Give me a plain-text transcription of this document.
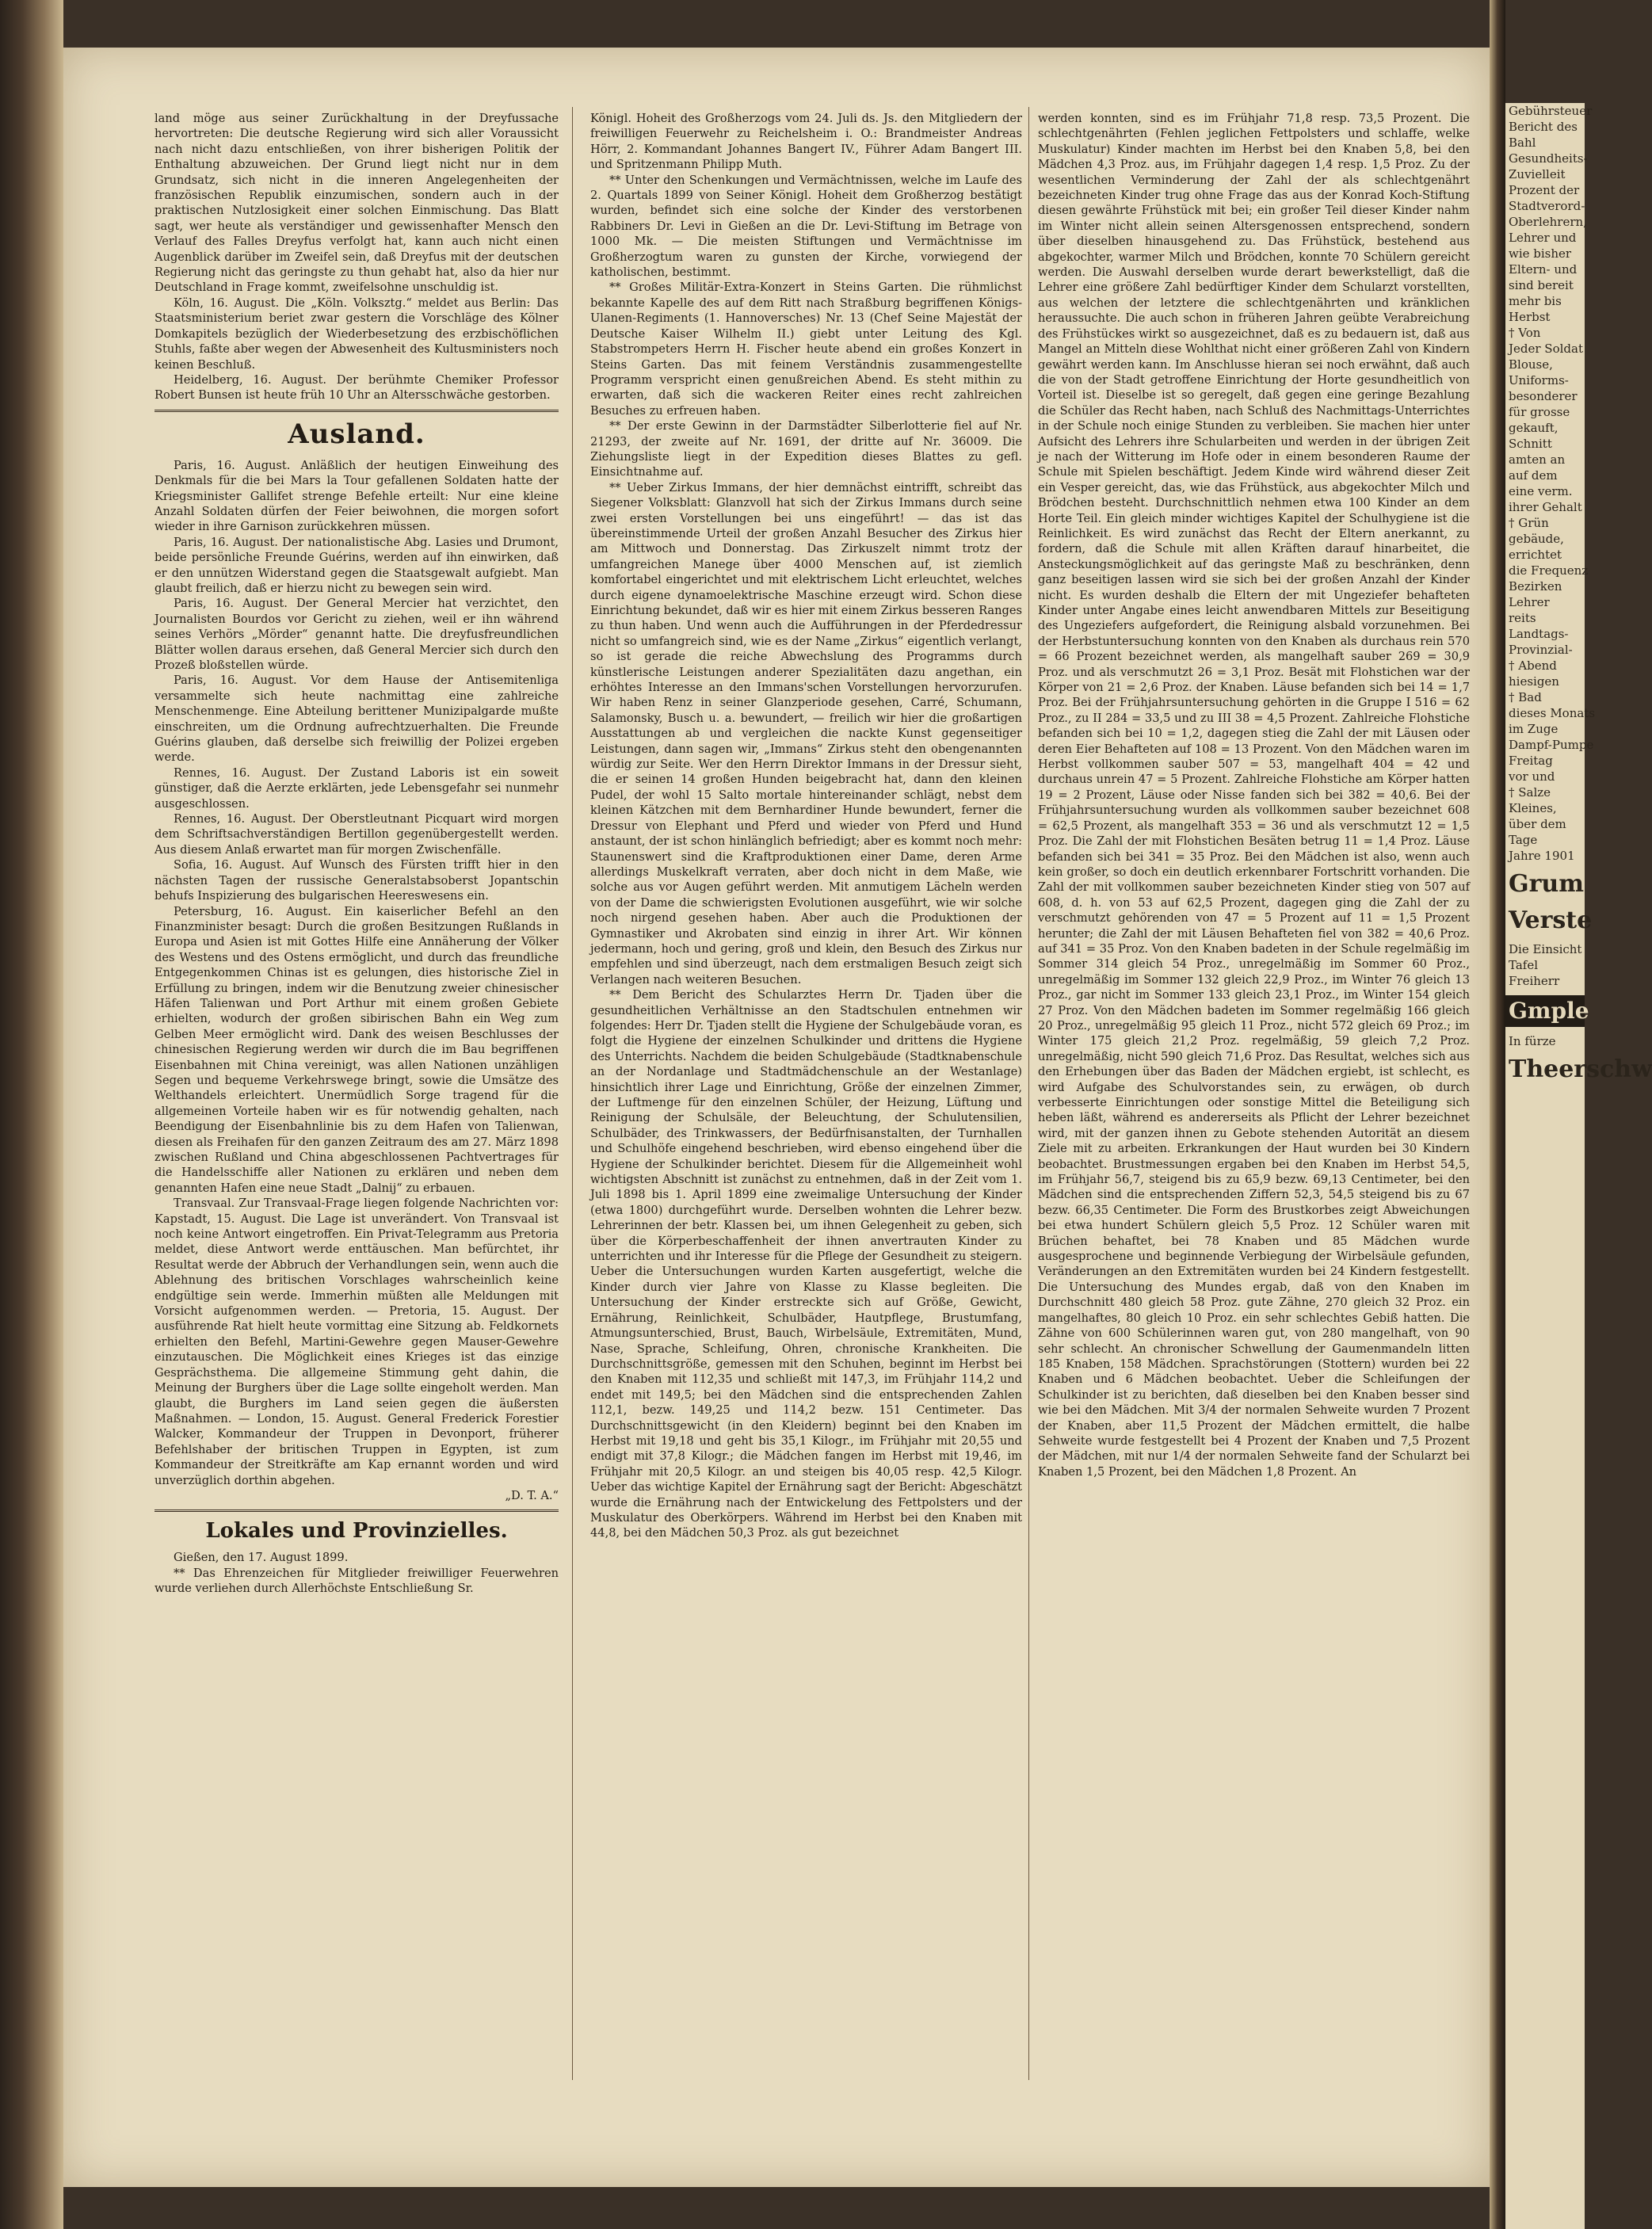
land möge aus seiner Zurückhaltung in der Dreyfussache hervortreten: Die deutsche Regierung wird sich aller Voraussicht nach nicht dazu entschließen, von ihrer bisherigen Politik der Enthaltung abzuweichen. Der Grund liegt nicht nur in dem Grundsatz, sich nicht in die inneren Angelegenheiten der französischen Republik einzumischen, sondern auch in der praktischen Nutzlosigkeit einer solchen Einmischung. Das Blatt sagt, wer heute als verständiger und gewissenhafter Mensch den Verlauf des Falles Dreyfus verfolgt hat, kann auch nicht einen Augenblick darüber im Zweifel sein, daß Dreyfus mit der deutschen Regierung nicht das geringste zu thun gehabt hat, also da hier nur Deutschland in Frage kommt, zweifelsohne unschuldig ist.

Köln, 16. August. Die „Köln. Volksztg.“ meldet aus Berlin: Das Staatsministerium beriet zwar gestern die Vorschläge des Kölner Domkapitels bezüglich der Wiederbesetzung des erzbischöflichen Stuhls, faßte aber wegen der Abwesenheit des Kultusministers noch keinen Beschluß.

Heidelberg, 16. August. Der berühmte Chemiker Professor Robert Bunsen ist heute früh 10 Uhr an Altersschwäche gestorben.

Ausland.

Paris, 16. August. Anläßlich der heutigen Einweihung des Denkmals für die bei Mars la Tour gefallenen Soldaten hatte der Kriegsminister Gallifet strenge Befehle erteilt: Nur eine kleine Anzahl Soldaten dürfen der Feier beiwohnen, die morgen sofort wieder in ihre Garnison zurückkehren müssen.

Paris, 16. August. Der nationalistische Abg. Lasies und Drumont, beide persönliche Freunde Guérins, werden auf ihn einwirken, daß er den unnützen Widerstand gegen die Staatsgewalt aufgiebt. Man glaubt freilich, daß er hierzu nicht zu bewegen sein wird.

Paris, 16. August. Der General Mercier hat verzichtet, den Journalisten Bourdos vor Gericht zu ziehen, weil er ihn während seines Verhörs „Mörder“ genannt hatte. Die dreyfusfreundlichen Blätter wollen daraus ersehen, daß General Mercier sich durch den Prozeß bloßstellen würde.

Paris, 16. August. Vor dem Hause der Antisemitenliga versammelte sich heute nachmittag eine zahlreiche Menschenmenge. Eine Abteilung berittener Munizipalgarde mußte einschreiten, um die Ordnung aufrechtzuerhalten. Die Freunde Guérins glauben, daß derselbe sich freiwillig der Polizei ergeben werde.

Rennes, 16. August. Der Zustand Laboris ist ein soweit günstiger, daß die Aerzte erklärten, jede Lebensgefahr sei nunmehr ausgeschlossen.

Rennes, 16. August. Der Oberstleutnant Picquart wird morgen dem Schriftsachverständigen Bertillon gegenübergestellt werden. Aus diesem Anlaß erwartet man für morgen Zwischenfälle.

Sofia, 16. August. Auf Wunsch des Fürsten trifft hier in den nächsten Tagen der russische Generalstabsoberst Jopantschin behufs Inspizierung des bulgarischen Heereswesens ein.

Petersburg, 16. August. Ein kaiserlicher Befehl an den Finanzminister besagt: Durch die großen Besitzungen Rußlands in Europa und Asien ist mit Gottes Hilfe eine Annäherung der Völker des Westens und des Ostens ermöglicht, und durch das freundliche Entgegenkommen Chinas ist es gelungen, dies historische Ziel in Erfüllung zu bringen, indem wir die Benutzung zweier chinesischer Häfen Talienwan und Port Arthur mit einem großen Gebiete erhielten, wodurch der großen sibirischen Bahn ein Weg zum Gelben Meer ermöglicht wird. Dank des weisen Beschlusses der chinesischen Regierung werden wir durch die im Bau begriffenen Eisenbahnen mit China vereinigt, was allen Nationen unzähligen Segen und bequeme Verkehrswege bringt, sowie die Umsätze des Welthandels erleichtert. Unermüdlich Sorge tragend für die allgemeinen Vorteile haben wir es für notwendig gehalten, nach Beendigung der Eisenbahnlinie bis zu dem Hafen von Talienwan, diesen als Freihafen für den ganzen Zeitraum des am 27. März 1898 zwischen Rußland und China abgeschlossenen Pachtvertrages für die Handelsschiffe aller Nationen zu erklären und neben dem genannten Hafen eine neue Stadt „Dalnij“ zu erbauen.

Transvaal. Zur Transvaal-Frage liegen folgende Nachrichten vor: Kapstadt, 15. August. Die Lage ist unverändert. Von Transvaal ist noch keine Antwort eingetroffen. Ein Privat-Telegramm aus Pretoria meldet, diese Antwort werde enttäuschen. Man befürchtet, ihr Resultat werde der Abbruch der Verhandlungen sein, wenn auch die Ablehnung des britischen Vorschlages wahrscheinlich keine endgültige sein werde. Immerhin müßten alle Meldungen mit Vorsicht aufgenommen werden. — Pretoria, 15. August. Der ausführende Rat hielt heute vormittag eine Sitzung ab. Feldkornets erhielten den Befehl, Martini-Gewehre gegen Mauser-Gewehre einzutauschen. Die Möglichkeit eines Krieges ist das einzige Gesprächsthema. Die allgemeine Stimmung geht dahin, die Meinung der Burghers über die Lage sollte eingeholt werden. Man glaubt, die Burghers im Land seien gegen die äußersten Maßnahmen. — London, 15. August. General Frederick Forestier Walcker, Kommandeur der Truppen in Devonport, früherer Befehlshaber der britischen Truppen in Egypten, ist zum Kommandeur der Streitkräfte am Kap ernannt worden und wird unverzüglich dorthin abgehen.

„D. T. A.“

Lokales und Provinzielles.

Gießen, den 17. August 1899.

** Das Ehrenzeichen für Mitglieder freiwilliger Feuerwehren wurde verliehen durch Allerhöchste Entschließung Sr.

Königl. Hoheit des Großherzogs vom 24. Juli ds. Js. den Mitgliedern der freiwilligen Feuerwehr zu Reichelsheim i. O.: Brandmeister Andreas Hörr, 2. Kommandant Johannes Bangert IV., Führer Adam Bangert III. und Spritzenmann Philipp Muth.

** Unter den Schenkungen und Vermächtnissen, welche im Laufe des 2. Quartals 1899 von Seiner Königl. Hoheit dem Großherzog bestätigt wurden, befindet sich eine solche der Kinder des verstorbenen Rabbiners Dr. Levi in Gießen an die Dr. Levi-Stiftung im Betrage von 1000 Mk. — Die meisten Stiftungen und Vermächtnisse im Großherzogtum waren zu gunsten der Kirche, vorwiegend der katholischen, bestimmt.

** Großes Militär-Extra-Konzert in Steins Garten. Die rühmlichst bekannte Kapelle des auf dem Ritt nach Straßburg begriffenen Königs-Ulanen-Regiments (1. Hannoversches) Nr. 13 (Chef Seine Majestät der Deutsche Kaiser Wilhelm II.) giebt unter Leitung des Kgl. Stabstrompeters Herrn H. Fischer heute abend ein großes Konzert in Steins Garten. Das mit feinem Verständnis zusammengestellte Programm verspricht einen genußreichen Abend. Es steht mithin zu erwarten, daß sich die wackeren Reiter eines recht zahlreichen Besuches zu erfreuen haben.

** Der erste Gewinn in der Darmstädter Silberlotterie fiel auf Nr. 21293, der zweite auf Nr. 1691, der dritte auf Nr. 36009. Die Ziehungsliste liegt in der Expedition dieses Blattes zu gefl. Einsichtnahme auf.

** Ueber Zirkus Immans, der hier demnächst eintrifft, schreibt das Siegener Volksblatt: Glanzvoll hat sich der Zirkus Immans durch seine zwei ersten Vorstellungen bei uns eingeführt! — das ist das übereinstimmende Urteil der großen Anzahl Besucher des Zirkus hier am Mittwoch und Donnerstag. Das Zirkuszelt nimmt trotz der umfangreichen Manege über 4000 Menschen auf, ist ziemlich komfortabel eingerichtet und mit elektrischem Licht erleuchtet, welches durch eigene dynamoelektrische Maschine erzeugt wird. Schon diese Einrichtung bekundet, daß wir es hier mit einem Zirkus besseren Ranges zu thun haben. Und wenn auch die Aufführungen in der Pferdedressur nicht so umfangreich sind, wie es der Name „Zirkus“ eigentlich verlangt, so ist gerade die reiche Abwechslung des Programms durch künstlerische Leistungen anderer Spezialitäten dazu angethan, ein erhöhtes Interesse an den Immans'schen Vorstellungen hervorzurufen. Wir haben Renz in seiner Glanzperiode gesehen, Carré, Schumann, Salamonsky, Busch u. a. bewundert, — freilich wir hier die großartigen Ausstattungen ab und vergleichen die nackte Kunst gegenseitiger Leistungen, dann sagen wir, „Immans“ Zirkus steht den obengenannten würdig zur Seite. Wer den Herrn Direktor Immans in der Dressur sieht, die er seinen 14 großen Hunden beigebracht hat, dann den kleinen Pudel, der wohl 15 Salto mortale hintereinander schlägt, nebst dem kleinen Kätzchen mit dem Bernhardiner Hunde bewundert, ferner die Dressur von Elephant und Pferd und wieder von Pferd und Hund anstaunt, der ist schon hinlänglich befriedigt; aber es kommt noch mehr: Staunenswert sind die Kraftproduktionen einer Dame, deren Arme allerdings Muskelkraft verraten, aber doch nicht in dem Maße, wie solche aus vor Augen geführt werden. Mit anmutigem Lächeln werden von der Dame die schwierigsten Evolutionen ausgeführt, wie wir solche noch nirgend gesehen haben. Aber auch die Produktionen der Gymnastiker und Akrobaten sind einzig in ihrer Art. Wir können jedermann, hoch und gering, groß und klein, den Besuch des Zirkus nur empfehlen und sind überzeugt, nach dem erstmaligen Besuch zeigt sich Verlangen nach weiteren Besuchen.

** Dem Bericht des Schularztes Herrn Dr. Tjaden über die gesundheitlichen Verhältnisse an den Stadtschulen entnehmen wir folgendes: Herr Dr. Tjaden stellt die Hygiene der Schulgebäude voran, es folgt die Hygiene der einzelnen Schulkinder und drittens die Hygiene des Unterrichts. Nachdem die beiden Schulgebäude (Stadtknabenschule an der Nordanlage und Stadtmädchenschule an der Westanlage) hinsichtlich ihrer Lage und Einrichtung, Größe der einzelnen Zimmer, der Luftmenge für den einzelnen Schüler, der Heizung, Lüftung und Reinigung der Schulsäle, der Beleuchtung, der Schulutensilien, Schulbäder, des Trinkwassers, der Bedürfnisanstalten, der Turnhallen und Schulhöfe eingehend beschrieben, wird ebenso eingehend über die Hygiene der Schulkinder berichtet. Diesem für die Allgemeinheit wohl wichtigsten Abschnitt ist zunächst zu entnehmen, daß in der Zeit vom 1. Juli 1898 bis 1. April 1899 eine zweimalige Untersuchung der Kinder (etwa 1800) durchgeführt wurde. Derselben wohnten die Lehrer bezw. Lehrerinnen der betr. Klassen bei, um ihnen Gelegenheit zu geben, sich über die Körperbeschaffenheit der ihnen anvertrauten Kinder zu unterrichten und ihr Interesse für die Pflege der Gesundheit zu steigern. Ueber die Untersuchungen wurden Karten ausgefertigt, welche die Kinder durch vier Jahre von Klasse zu Klasse begleiten. Die Untersuchung der Kinder erstreckte sich auf Größe, Gewicht, Ernährung, Reinlichkeit, Schulbäder, Hautpflege, Brustumfang, Atmungsunterschied, Brust, Bauch, Wirbelsäule, Extremitäten, Mund, Nase, Sprache, Schleifung, Ohren, chronische Krankheiten. Die Durchschnittsgröße, gemessen mit den Schuhen, beginnt im Herbst bei den Knaben mit 112,35 und schließt mit 147,3, im Frühjahr 114,2 und endet mit 149,5; bei den Mädchen sind die entsprechenden Zahlen 112,1, bezw. 149,25 und 114,2 bezw. 151 Centimeter. Das Durchschnittsgewicht (in den Kleidern) beginnt bei den Knaben im Herbst mit 19,18 und geht bis 35,1 Kilogr., im Frühjahr mit 20,55 und endigt mit 37,8 Kilogr.; die Mädchen fangen im Herbst mit 19,46, im Frühjahr mit 20,5 Kilogr. an und steigen bis 40,05 resp. 42,5 Kilogr. Ueber das wichtige Kapitel der Ernährung sagt der Bericht: Abgeschätzt wurde die Ernährung nach der Entwickelung des Fettpolsters und der Muskulatur des Oberkörpers. Während im Herbst bei den Knaben mit 44,8, bei den Mädchen 50,3 Proz. als gut bezeichnet

werden konnten, sind es im Frühjahr 71,8 resp. 73,5 Prozent. Die schlechtgenährten (Fehlen jeglichen Fettpolsters und schlaffe, welke Muskulatur) Kinder machten im Herbst bei den Knaben 5,8, bei den Mädchen 4,3 Proz. aus, im Frühjahr dagegen 1,4 resp. 1,5 Proz. Zu der wesentlichen Verminderung der Zahl der als schlechtgenährt bezeichneten Kinder trug ohne Frage das aus der Konrad Koch-Stiftung diesen gewährte Frühstück mit bei; ein großer Teil dieser Kinder nahm im Winter nicht allein seinen Altersgenossen entsprechend, sondern über dieselben hinausgehend zu. Das Frühstück, bestehend aus abgekochter, warmer Milch und Brödchen, konnte 70 Schülern gereicht werden. Die Auswahl derselben wurde derart bewerkstelligt, daß die Lehrer eine größere Zahl bedürftiger Kinder dem Schularzt vorstellten, aus welchen der letztere die schlechtgenährten und kränklichen heraussuchte. Die auch schon in früheren Jahren geübte Verabreichung des Frühstückes wirkt so ausgezeichnet, daß es zu bedauern ist, daß aus Mangel an Mitteln diese Wohlthat nicht einer größeren Zahl von Kindern gewährt werden kann. Im Anschlusse hieran sei noch erwähnt, daß auch die von der Stadt getroffene Einrichtung der Horte gesundheitlich von Vorteil ist. Dieselbe ist so geregelt, daß gegen eine geringe Bezahlung die Schüler das Recht haben, nach Schluß des Nachmittags-Unterrichtes in der Schule noch einige Stunden zu verbleiben. Sie machen hier unter Aufsicht des Lehrers ihre Schularbeiten und werden in der übrigen Zeit je nach der Witterung im Hofe oder in einem besonderen Raume der Schule mit Spielen beschäftigt. Jedem Kinde wird während dieser Zeit ein Vesper gereicht, das, wie das Frühstück, aus abgekochter Milch und Brödchen besteht. Durchschnittlich nehmen etwa 100 Kinder an dem Horte Teil. Ein gleich minder wichtiges Kapitel der Schulhygiene ist die Reinlichkeit. Es wird zunächst das Recht der Eltern anerkannt, zu fordern, daß die Schule mit allen Kräften darauf hinarbeitet, die Ansteckungsmöglichkeit auf das geringste Maß zu beschränken, denn ganz beseitigen lassen wird sie sich bei der großen Anzahl der Kinder nicht. Es wurden deshalb die Eltern der mit Ungeziefer behafteten Kinder unter Angabe eines leicht anwendbaren Mittels zur Beseitigung des Ungeziefers aufgefordert, die Reinigung alsbald vorzunehmen. Bei der Herbstuntersuchung konnten von den Knaben als durchaus rein 570 = 66 Prozent bezeichnet werden, als mangelhaft sauber 269 = 30,9 Proz. und als verschmutzt 26 = 3,1 Proz. Besät mit Flohstichen war der Körper von 21 = 2,6 Proz. der Knaben. Läuse befanden sich bei 14 = 1,7 Proz. Bei der Frühjahrsuntersuchung gehörten in die Gruppe I 516 = 62 Proz., zu II 284 = 33,5 und zu III 38 = 4,5 Prozent. Zahlreiche Flohstiche befanden sich bei 10 = 1,2, dagegen stieg die Zahl der mit Läusen oder deren Eier Behafteten auf 108 = 13 Prozent. Von den Mädchen waren im Herbst vollkommen sauber 507 = 53, mangelhaft 404 = 42 und durchaus unrein 47 = 5 Prozent. Zahlreiche Flohstiche am Körper hatten 19 = 2 Prozent, Läuse oder Nisse fanden sich bei 382 = 40,6. Bei der Frühjahrsuntersuchung wurden als vollkommen sauber bezeichnet 608 = 62,5 Prozent, als mangelhaft 353 = 36 und als verschmutzt 12 = 1,5 Proz. Die Zahl der mit Flohstichen Besäten betrug 11 = 1,4 Proz. Läuse befanden sich bei 341 = 35 Proz. Bei den Mädchen ist also, wenn auch kein großer, so doch ein deutlich erkennbarer Fortschritt vorhanden. Die Zahl der mit vollkommen sauber bezeichneten Kinder stieg von 507 auf 608, d. h. von 53 auf 62,5 Prozent, dagegen ging die Zahl der zu verschmutzt gehörenden von 47 = 5 Prozent auf 11 = 1,5 Prozent herunter; die Zahl der mit Läusen Behafteten fiel von 382 = 40,6 Proz. auf 341 = 35 Proz. Von den Knaben badeten in der Schule regelmäßig im Sommer 314 gleich 54 Proz., unregelmäßig im Sommer 60 Proz., unregelmäßig im Sommer 132 gleich 22,9 Proz., im Winter 76 gleich 13 Proz., gar nicht im Sommer 133 gleich 23,1 Proz., im Winter 154 gleich 27 Proz. Von den Mädchen badeten im Sommer regelmäßig 166 gleich 20 Proz., unregelmäßig 95 gleich 11 Proz., nicht 572 gleich 69 Proz.; im Winter 175 gleich 21,2 Proz. regelmäßig, 59 gleich 7,2 Proz. unregelmäßig, nicht 590 gleich 71,6 Proz. Das Resultat, welches sich aus den Erhebungen über das Baden der Mädchen ergiebt, ist schlecht, es wird Aufgabe des Schulvorstandes sein, zu erwägen, ob durch verbesserte Einrichtungen oder sonstige Mittel die Beteiligung sich heben läßt, während es andererseits als Pflicht der Lehrer bezeichnet wird, mit der ganzen ihnen zu Gebote stehenden Autorität an diesem Ziele mit zu arbeiten. Erkrankungen der Haut wurden bei 30 Kindern beobachtet. Brustmessungen ergaben bei den Knaben im Herbst 54,5, im Frühjahr 56,7, steigend bis zu 65,9 bezw. 69,13 Centimeter, bei den Mädchen sind die entsprechenden Ziffern 52,3, 54,5 steigend bis zu 67 bezw. 66,35 Centimeter. Die Form des Brustkorbes zeigt Abweichungen bei etwa hundert Schülern gleich 5,5 Proz. 12 Schüler waren mit Brüchen behaftet, bei 78 Knaben und 85 Mädchen wurde ausgesprochene und beginnende Verbiegung der Wirbelsäule gefunden, Veränderungen an den Extremitäten wurden bei 24 Kindern festgestellt. Die Untersuchung des Mundes ergab, daß von den Knaben im Durchschnitt 480 gleich 58 Proz. gute Zähne, 270 gleich 32 Proz. ein mangelhaftes, 80 gleich 10 Proz. ein sehr schlechtes Gebiß hatten. Die Zähne von 600 Schülerinnen waren gut, von 280 mangelhaft, von 90 sehr schlecht. An chronischer Schwellung der Gaumenmandeln litten 185 Knaben, 158 Mädchen. Sprachstörungen (Stottern) wurden bei 22 Knaben und 6 Mädchen beobachtet. Ueber die Schleifungen der Schulkinder ist zu berichten, daß dieselben bei den Knaben besser sind wie bei den Mädchen. Mit 3/4 der normalen Sehweite wurden 7 Prozent der Knaben, aber 11,5 Prozent der Mädchen ermittelt, die halbe Sehweite wurde festgestellt bei 4 Prozent der Knaben und 7,5 Prozent der Mädchen, mit nur 1/4 der normalen Sehweite fand der Schularzt bei Knaben 1,5 Prozent, bei den Mädchen 1,8 Prozent. An

Gebührsteuer
Bericht des
Bahl
Gesundheits-
Zuvielleit
Prozent der
Stadtverord-
Oberlehrern,
Lehrer und
wie bisher
Eltern- und
sind bereit
mehr bis
Herbst
† Von
Jeder Soldat
Blouse,
Uniforms-
besonderer
für grosse
gekauft,
Schnitt
amten an
auf dem
eine verm.
ihrer Gehalt
† Grün
gebäude,
errichtet
die Frequenz
Bezirken
Lehrer
reits
Landtags-
Provinzial-
† Abend
hiesigen
† Bad
dieses Monats
im Zuge
Dampf-Pumpe
Freitag
vor und
† Salze
Kleines,
über dem
Tage
Jahre 1901
Grum
Verste
Die Einsicht
Tafel
Freiherr
Gmple
In fürze
Theerschw
